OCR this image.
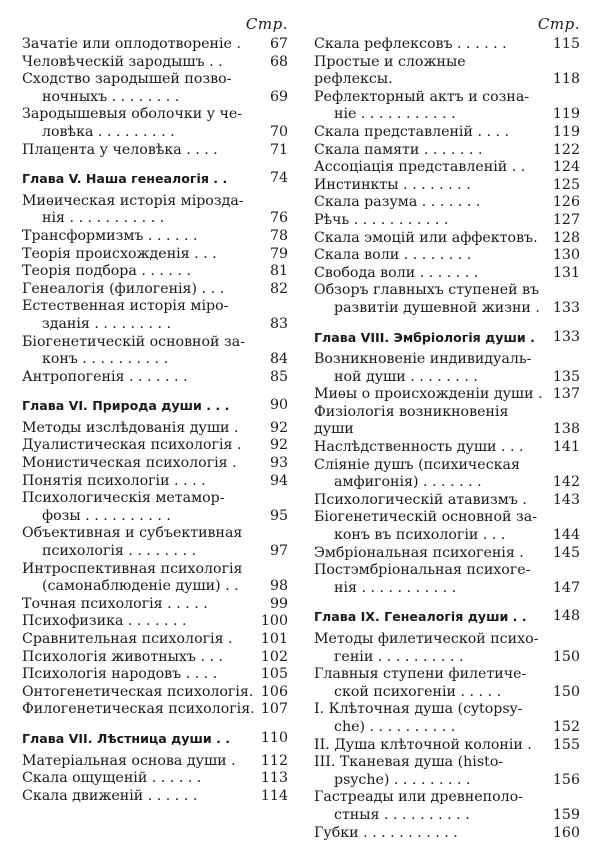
Стр.
Зачатiе или оплодотворенiе .	67
Человѣческiй зародышъ . .	68
Сходство зародышей позво-
ночныхъ . . . . . . . .	69
Зародышевыя оболочки у че-
ловѣка . . . . . . . . .	70
Плацента у человѣка . . . .	71
Глава V. Наша генеалогiя . .	74
Миѳическая исторiя мiрозда-
нiя . . . . . . . . . . .	76
Трансформизмъ . . . . . .	78
Теорiя происхожденiя . . .	79
Теорiя подбора . . . . . .	81
Генеалогiя (филогенiя) . . .	82
Естественная исторiя мiро-
зданiя . . . . . . . . .	83
Бiогенетическiй основной за-
конъ . . . . . . . . . .	84
Антропогенiя . . . . . . .	85
Глава VI. Природа души . . .	90
Методы изслѣдованiя души .	92
Дуалистическая психологiя .	92
Монистическая психологiя .	93
Понятiя психологiи . . . .	94
Психологическiя метамор-
фозы . . . . . . . . . .	95
Объективная и субъективная
психологiя . . . . . . . .	97
Интроспективная психологiя
(самонаблюденiе души) . .	98
Точная психологiя . . . . .	99
Психофизика . . . . . . .	100
Сравнительная психологiя .	101
Психологiя животныхъ . . .	102
Психологiя народовъ . . . .	105
Онтогенетическая психологiя. 106
Филогенетическая психологiя. 107
Глава VII. Лѣстница души . .	110
Матерiальная основа души .	112
Скала ощущенiй . . . . . .	113
Скала движенiй . . . . . .	114
Стр.
Скала рефлексовъ . . . . . .	115
Простые и сложные рефлексы.	118
Рефлекторный актъ и созна-
нiе . . . . . . . . . . .	119
Скала представленiй . . . .	119
Скала памяти . . . . . . .	122
Ассоцiацiя представленiй . .	124
Инстинкты . . . . . . . .	125
Скала разума . . . . . . .	126
Рѣчь . . . . . . . . . . .	127
Скала эмоцiй или аффектовъ.	128
Скала воли . . . . . . . .	130
Свобода воли . . . . . . .	131
Обзоръ главныхъ ступеней въ
развитiи душевной жизни . 133
Глава VIII. Эмбрiологiя души .	133
Возникновенiе индивидуаль-
ной души . . . . . . . .	135
Миѳы о происхожденiи души . 137
Физiологiя возникновенiя души	138
Наслѣдственность души . . .	141
Слiянiе душъ (психическая
амфигонiя) . . . . . . .	142
Психологическiй атавизмъ .	143
Бiогенетическiй основной за-
конъ въ психологiи . . .	144
Эмбрiональная психогенiя .	145
Постэмбрiональная психоге-
нiя . . . . . . . . . . .	147
Глава IX. Генеалогiя души . .	148
Методы филетической психо-
генiи . . . . . . . . . .	150
Главныя ступени филетиче-
ской психогенiи . . . . .	150
I. Клѣточная душа (cytopsy-
che) . . . . . . . . . .	152
II. Душа клѣточной колонiи .	155
III. Тканевая душа (histo-
psyche) . . . . . . . . .	156
Гастреады или древнеполо-
стныя . . . . . . . . . .	159
Губки . . . . . . . . . . .	160
